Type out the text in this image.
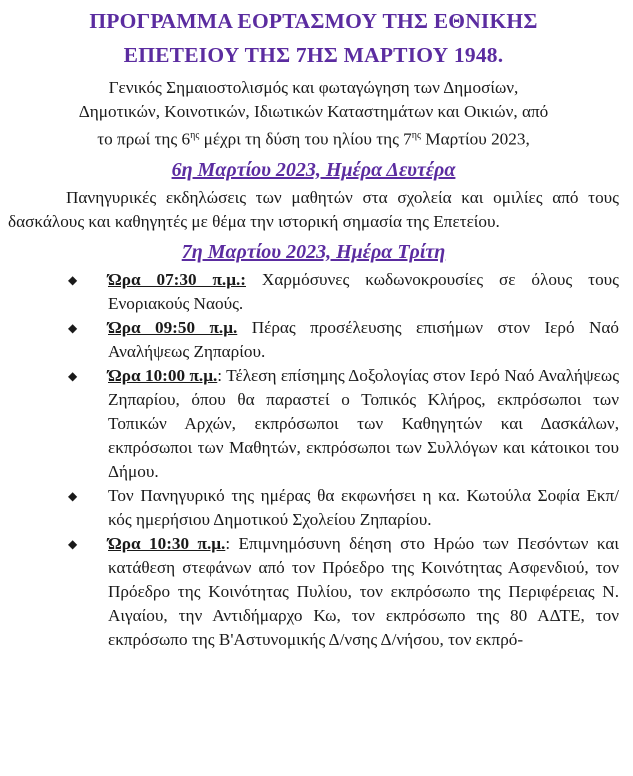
ΠΡΟΓΡΑΜΜΑ ΕΟΡΤΑΣΜΟΥ ΤΗΣ ΕΘΝΙΚΗΣ
ΕΠΕΤΕΙΟΥ ΤΗΣ 7ΗΣ ΜΑΡΤΙΟΥ 1948.

Γενικός Σημαιοστολισμός και φωταγώγηση των Δημοσίων,

Δημοτικών, Κοινοτικών, Ιδιωτικών Καταστημάτων και Οικιών, από

το πρωί της $6^{\eta\varsigma}$ μέχρι τη δύση του ηλίου της $7^{\eta\varsigma}$ Μαρτίου 2023,

6η Μαρτίου 2023, Ημέρα Δευτέρα

Πανηγυρικές εκδηλώσεις των μαθητών στα σχολεία και ομιλίες από τους δασκάλους και καθηγητές με θέμα την ιστορική σημασία της Επετείου.

7η Μαρτίου 2023, Ημέρα Τρίτη
◆ Ώρα 07:30 π.μ.: Χαρμόσυνες κωδωνοκρουσίες σε όλους τους Ενοριακούς Ναούς.
◆ Ώρα 09:50 π.μ. Πέρας προσέλευσης επισήμων στον Ιερό Ναό Αναλήψεως Ζηπαρίου.
◆ Ώρα 10:00 π.μ.: Τέλεση επίσημης Δοξολογίας στον Ιερό Ναό Αναλήψεως Ζηπαρίου, όπου θα παραστεί ο Τοπικός Κλήρος, εκπρόσωποι των Τοπικών Αρχών, εκπρόσωποι των Καθηγητών και Δασκάλων, εκπρόσωποι των Μαθητών, εκπρόσωποι των Συλλόγων και κάτοικοι του Δήμου.
◆ Τον Πανηγυρικό της ημέρας θα εκφωνήσει η κα. Κωτούλα Σοφία Εκπ/κός ημερήσιου Δημοτικού Σχολείου Ζηπαρίου.
◆ Ώρα 10:30 π.μ.: Επιμνημόσυνη δέηση στο Ηρώο των Πεσόντων και κατάθεση στεφάνων από τον Πρόεδρο της Κοινότητας Ασφενδιού, τον Πρόεδρο της Κοινότητας Πυλίου, τον εκπρόσωπο της Περιφέρειας Ν. Αιγαίου, την Αντιδήμαρχο Κω, τον εκπρόσωπο της 80 ΑΔΤΕ, τον εκπρόσωπο της Β'Αστυνομικής Δ/νσης Δ/νήσου, τον εκπρό-
